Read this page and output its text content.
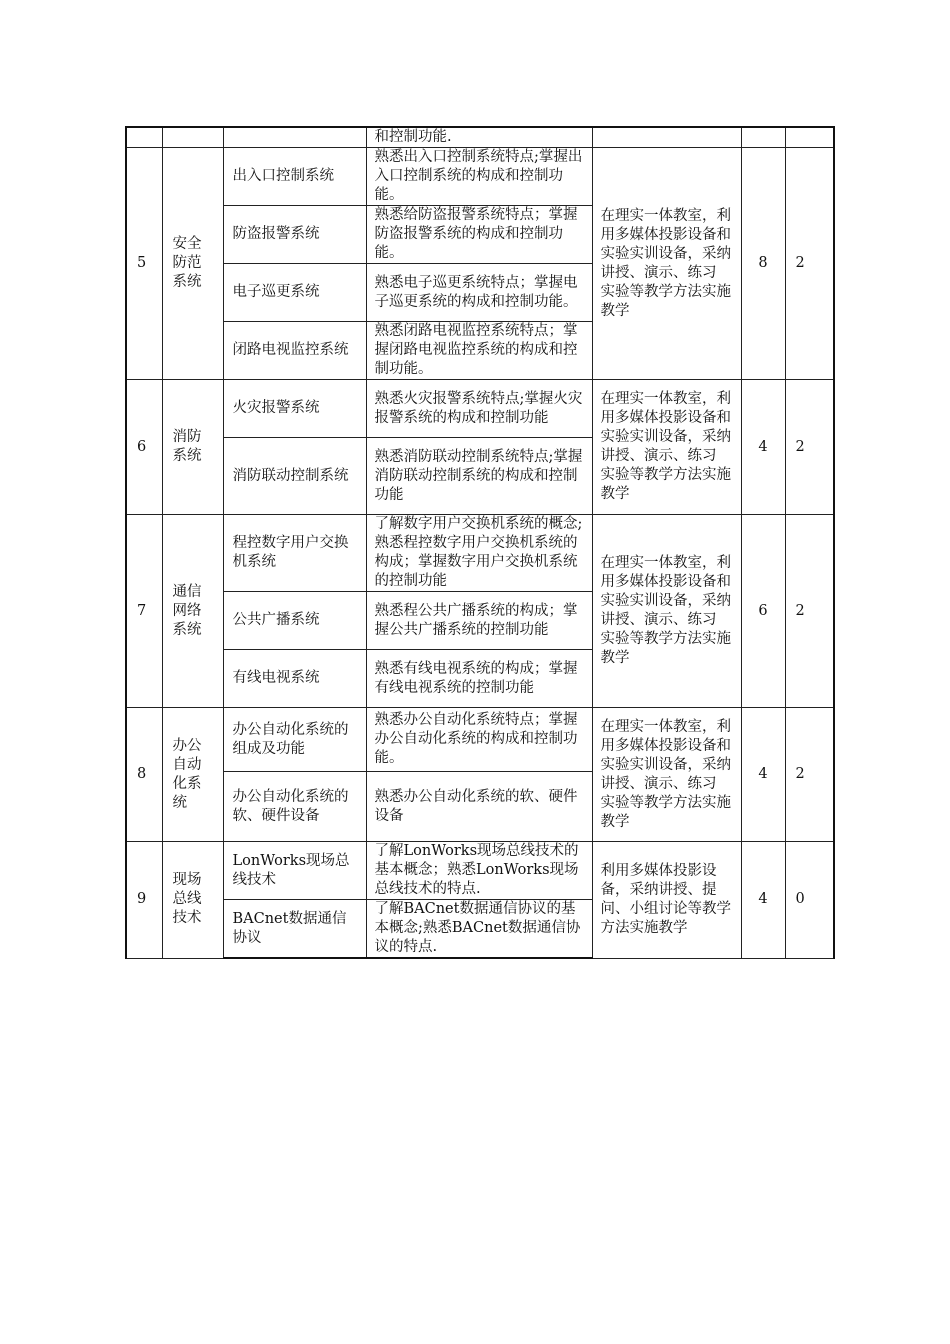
			和控制功能.			
5	安全防范系统	出入口控制系统	熟悉出入口控制系统特点;掌握出入口控制系统的构成和控制功能。	在理实一体教室，利用多媒体投影设备和实验实训设备，采纳讲授、演示、练习 实验等教学方法实施教学	8	2
		防盗报警系统	熟悉给防盗报警系统特点；掌握防盗报警系统的构成和控制功能。			
		电子巡更系统	熟悉电子巡更系统特点；掌握电子巡更系统的构成和控制功能。			
		闭路电视监控系统	熟悉闭路电视监控系统特点；掌握闭路电视监控系统的构成和控制功能。			
6	消防系统	火灾报警系统	熟悉火灾报警系统特点;掌握火灾报警系统的构成和控制功能	在理实一体教室，利用多媒体投影设备和实验实训设备，采纳讲授、演示、练习 实验等教学方法实施教学	4	2
		消防联动控制系统	熟悉消防联动控制系统特点;掌握消防联动控制系统的构成和控制功能			
7	通信网络系统	程控数字用户交换机系统	了解数字用户交换机系统的概念;熟悉程控数字用户交换机系统的构成；掌握数字用户交换机系统的控制功能	在理实一体教室，利用多媒体投影设备和实验实训设备，采纳讲授、演示、练习 实验等教学方法实施教学	6	2
		公共广播系统	熟悉程公共广播系统的构成；掌握公共广播系统的控制功能			
		有线电视系统	熟悉有线电视系统的构成；掌握有线电视系统的控制功能			
8	办公自动化系统	办公自动化系统的组成及功能	熟悉办公自动化系统特点；掌握办公自动化系统的构成和控制功能。	在理实一体教室，利用多媒体投影设备和实验实训设备，采纳讲授、演示、练习 实验等教学方法实施教学	4	2
		办公自动化系统的软、硬件设备	熟悉办公自动化系统的软、硬件设备			
9	现场总线技术	LonWorks现场总线技术	了解LonWorks现场总线技术的基本概念；熟悉LonWorks现场总线技术的特点.	利用多媒体投影设备，采纳讲授、提问、小组讨论等教学方法实施教学	4	0
		BACnet数据通信协议	了解BACnet数据通信协议的基本概念;熟悉BACnet数据通信协议的特点.			
